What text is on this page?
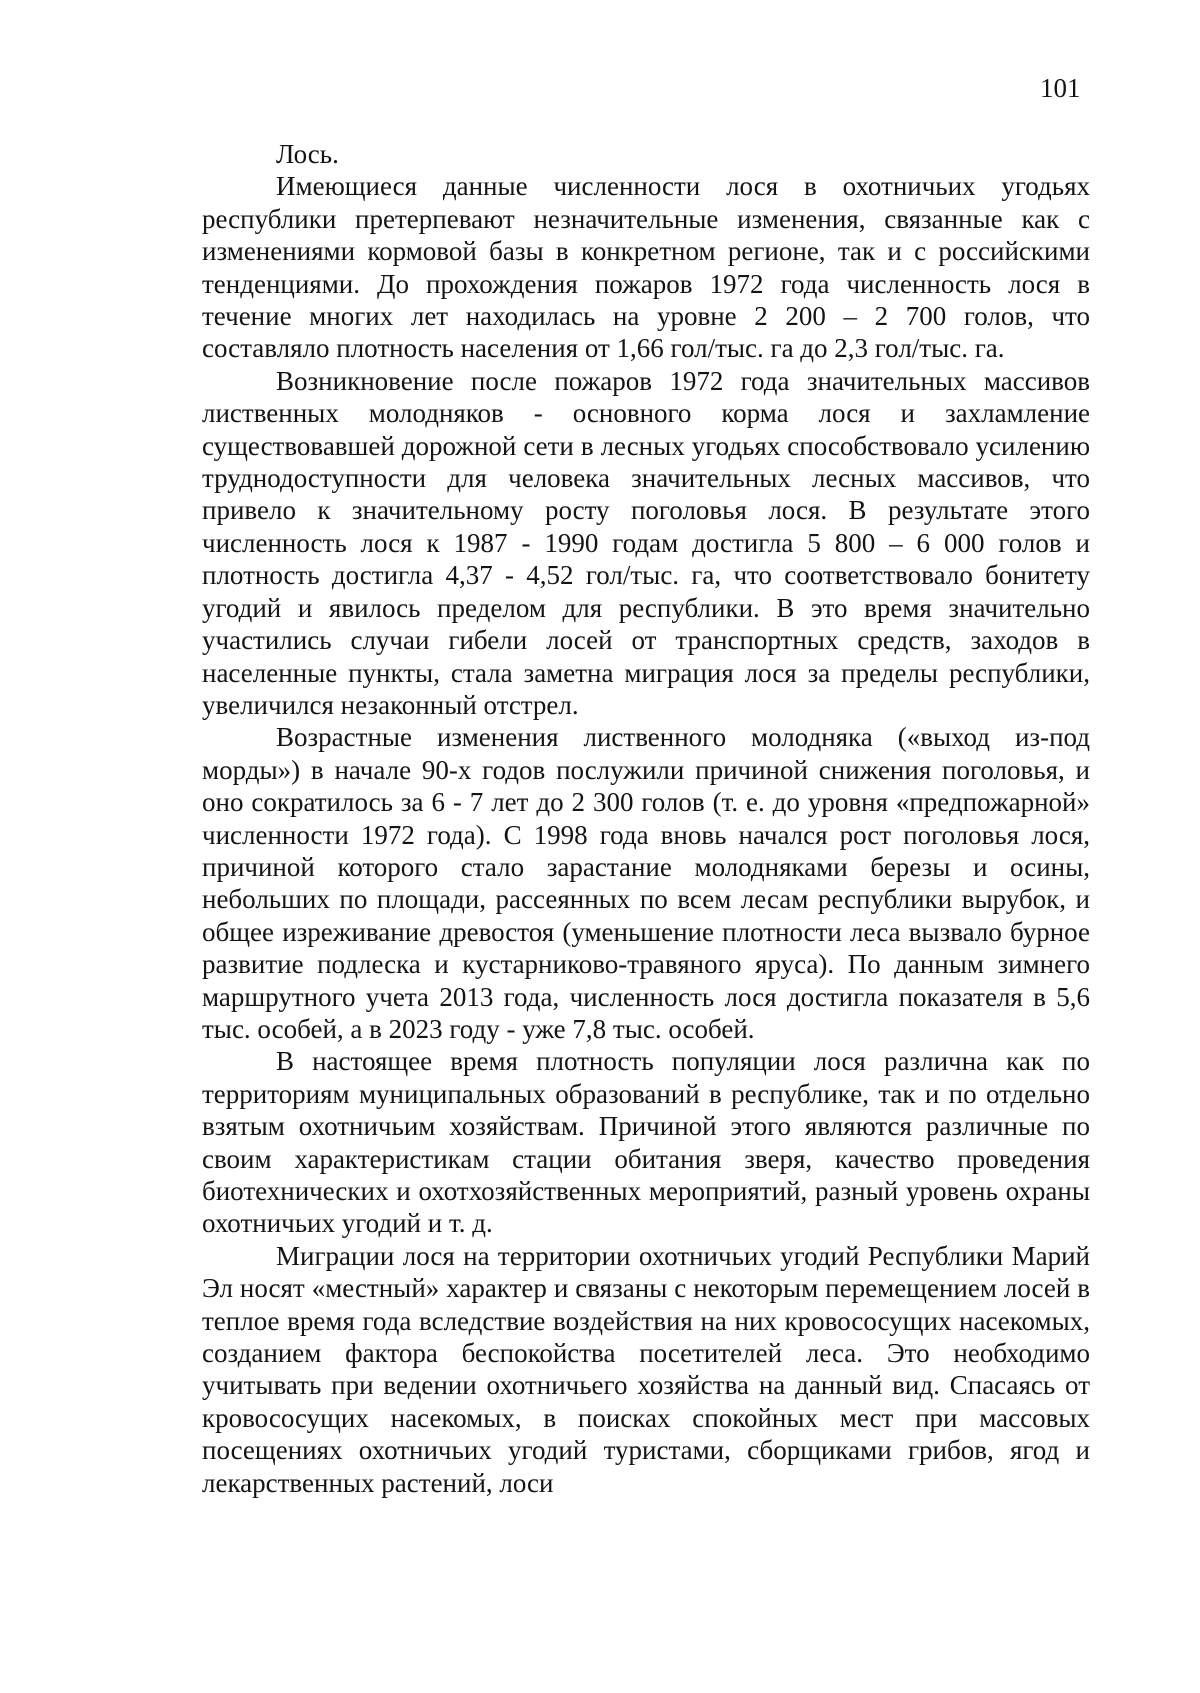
101

Лось.

Имеющиеся данные численности лося в охотничьих угодьях республики претерпевают незначительные изменения, связанные как с изменениями кормовой базы в конкретном регионе, так и с российскими тенденциями. До прохождения пожаров 1972 года численность лося в течение многих лет находилась на уровне 2 200 – 2 700 голов, что составляло плотность населения от 1,66 гол/тыс. га до 2,3 гол/тыс. га.

Возникновение после пожаров 1972 года значительных массивов лиственных молодняков - основного корма лося и захламление существовавшей дорожной сети в лесных угодьях способствовало усилению труднодоступности для человека значительных лесных массивов, что привело к значительному росту поголовья лося. В результате этого численность лося к 1987 - 1990 годам достигла 5 800 – 6 000 голов и плотность достигла 4,37 - 4,52 гол/тыс. га, что соответствовало бонитету угодий и явилось пределом для республики. В это время значительно участились случаи гибели лосей от транспортных средств, заходов в населенные пункты, стала заметна миграция лося за пределы республики, увеличился незаконный отстрел.

Возрастные изменения лиственного молодняка («выход из-под морды») в начале 90-х годов послужили причиной снижения поголовья, и оно сократилось за 6 - 7 лет до 2 300 голов (т. е. до уровня «предпожарной» численности 1972 года). С 1998 года вновь начался рост поголовья лося, причиной которого стало зарастание молодняками березы и осины, небольших по площади, рассеянных по всем лесам республики вырубок, и общее изреживание древостоя (уменьшение плотности леса вызвало бурное развитие подлеска и кустарниково-травяного яруса). По данным зимнего маршрутного учета 2013 года, численность лося достигла показателя в 5,6 тыс. особей, а в 2023 году - уже 7,8 тыс. особей.

В настоящее время плотность популяции лося различна как по территориям муниципальных образований в республике, так и по отдельно взятым охотничьим хозяйствам. Причиной этого являются различные по своим характеристикам стации обитания зверя, качество проведения биотехнических и охотхозяйственных мероприятий, разный уровень охраны охотничьих угодий и т. д.

Миграции лося на территории охотничьих угодий Республики Марий Эл носят «местный» характер и связаны с некоторым перемещением лосей в теплое время года вследствие воздействия на них кровососущих насекомых, созданием фактора беспокойства посетителей леса. Это необходимо учитывать при ведении охотничьего хозяйства на данный вид. Спасаясь от кровососущих насекомых, в поисках спокойных мест при массовых посещениях охотничьих угодий туристами, сборщиками грибов, ягод и лекарственных растений, лоси
